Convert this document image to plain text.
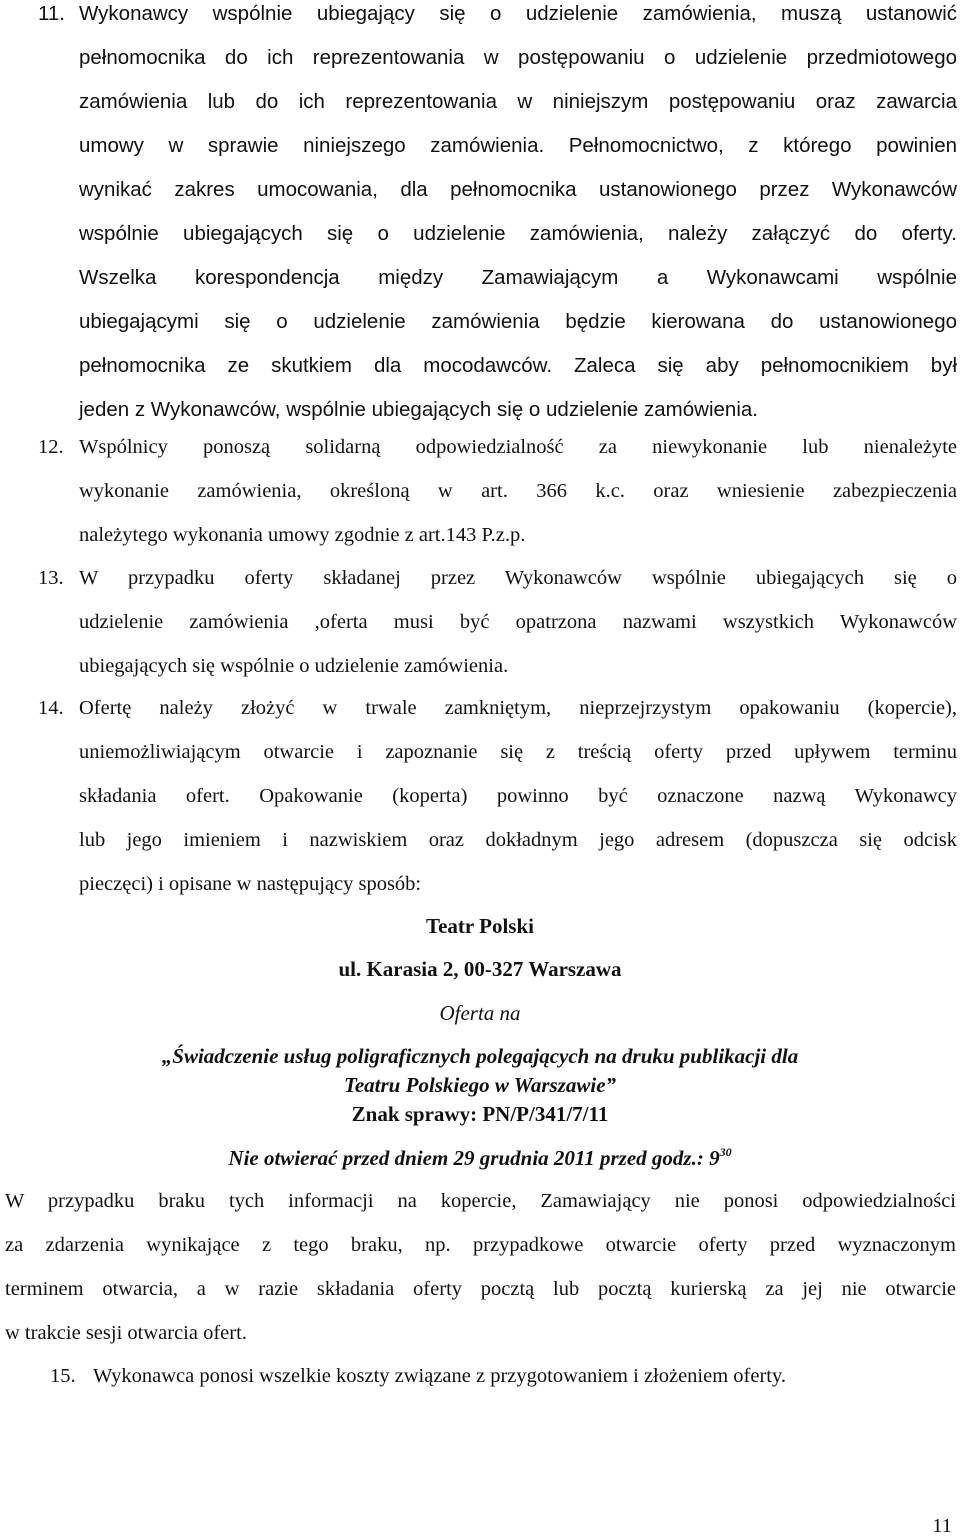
11. Wykonawcy wspólnie ubiegający się o udzielenie zamówienia, muszą ustanowić
pełnomocnika do ich reprezentowania w postępowaniu o udzielenie przedmiotowego
zamówienia lub do ich reprezentowania w niniejszym postępowaniu oraz zawarcia
umowy w sprawie niniejszego zamówienia. Pełnomocnictwo, z którego powinien
wynikać zakres umocowania, dla pełnomocnika ustanowionego przez Wykonawców
wspólnie ubiegających się o udzielenie zamówienia, należy załączyć do oferty.
Wszelka korespondencja między Zamawiającym a Wykonawcami wspólnie
ubiegającymi się o udzielenie zamówienia będzie kierowana do ustanowionego
pełnomocnika ze skutkiem dla mocodawców. Zaleca się aby pełnomocnikiem był
jeden z Wykonawców, wspólnie ubiegających się o udzielenie zamówienia.
12. Wspólnicy ponoszą solidarną odpowiedzialność za niewykonanie lub nienależyte
wykonanie zamówienia, określoną w art. 366 k.c. oraz wniesienie zabezpieczenia
należytego wykonania umowy zgodnie z art.143 P.z.p.
13. W przypadku oferty składanej przez Wykonawców wspólnie ubiegających się o
udzielenie zamówienia ,oferta musi być opatrzona nazwami wszystkich Wykonawców
ubiegających się wspólnie o udzielenie zamówienia.
14. Ofertę należy złożyć w trwale zamkniętym, nieprzejrzystym opakowaniu (kopercie),
uniemożliwiającym otwarcie i zapoznanie się z treścią oferty przed upływem terminu
składania ofert. Opakowanie (koperta) powinno być oznaczone nazwą Wykonawcy
lub jego imieniem i nazwiskiem oraz dokładnym jego adresem (dopuszcza się odcisk
pieczęci) i opisane w następujący sposób:
Teatr Polski
ul. Karasia 2, 00-327 Warszawa
Oferta na
„Świadczenie usług poligraficznych polegających na druku publikacji dla
Teatru Polskiego w Warszawie”
Znak sprawy: PN/P/341/7/11
Nie otwierać przed dniem 29 grudnia 2011 przed godz.: $9^{30}$
W przypadku braku tych informacji na kopercie, Zamawiający nie ponosi odpowiedzialności
za zdarzenia wynikające z tego braku, np. przypadkowe otwarcie oferty przed wyznaczonym
terminem otwarcia, a w razie składania oferty pocztą lub pocztą kurierską za jej nie otwarcie
w trakcie sesji otwarcia ofert.
15. Wykonawca ponosi wszelkie koszty związane z przygotowaniem i złożeniem oferty.
11
